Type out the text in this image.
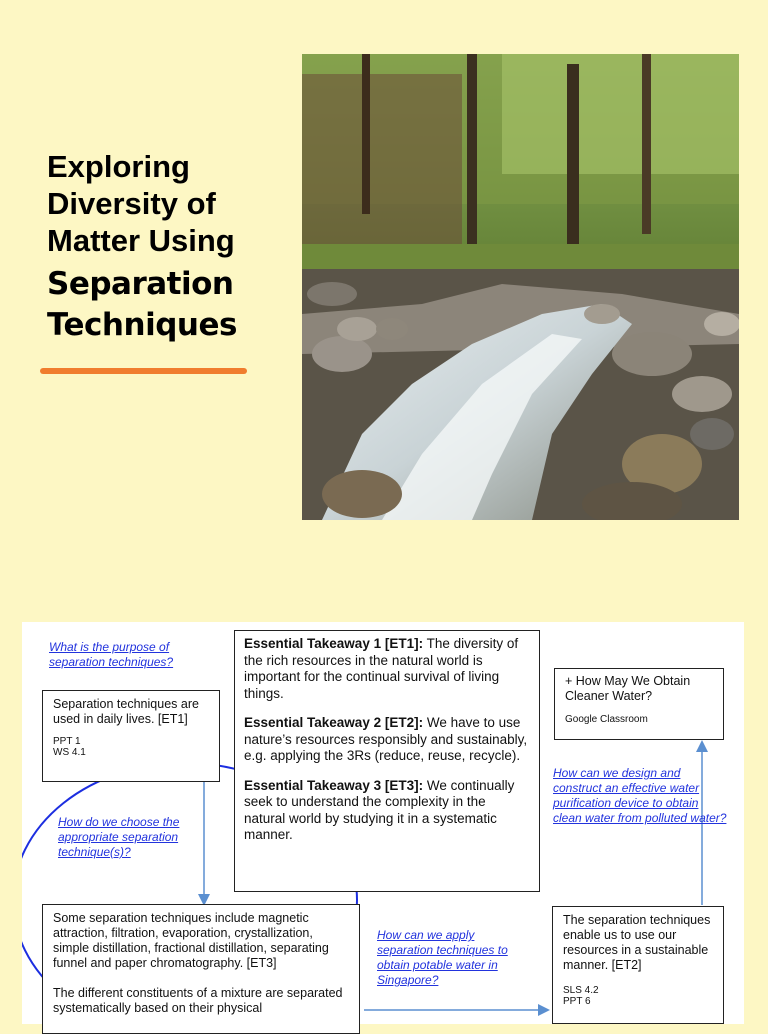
Exploring
Diversity of
Matter Using
Separation
Techniques
What is the purpose of separation techniques?
Separation techniques are used in daily lives. [ET1]
PPT 1
WS 4.1
How do we choose the appropriate separation technique(s)?
Some separation techniques include magnetic attraction, filtration, evaporation, crystallization, simple distillation, fractional distillation, separating funnel and paper chromatography. [ET3]
The different constituents of a mixture are separated systematically based on their physical

Essential Takeaway 1 [ET1]: The diversity of the rich resources in the natural world is important for the continual survival of living things.

Essential Takeaway 2 [ET2]: We have to use nature’s resources responsibly and sustainably, e.g. applying the 3Rs (reduce, reuse, recycle).

Essential Takeaway 3 [ET3]: We continually seek to understand the complexity in the natural world by studying it in a systematic manner.

+ How May We Obtain Cleaner Water?
Google Classroom
How can we design and construct an effective water purification device to obtain clean water from polluted water?
How can we apply separation techniques to obtain potable water in Singapore?
The separation techniques enable us to use our resources in a sustainable manner. [ET2]
SLS 4.2
PPT 6
